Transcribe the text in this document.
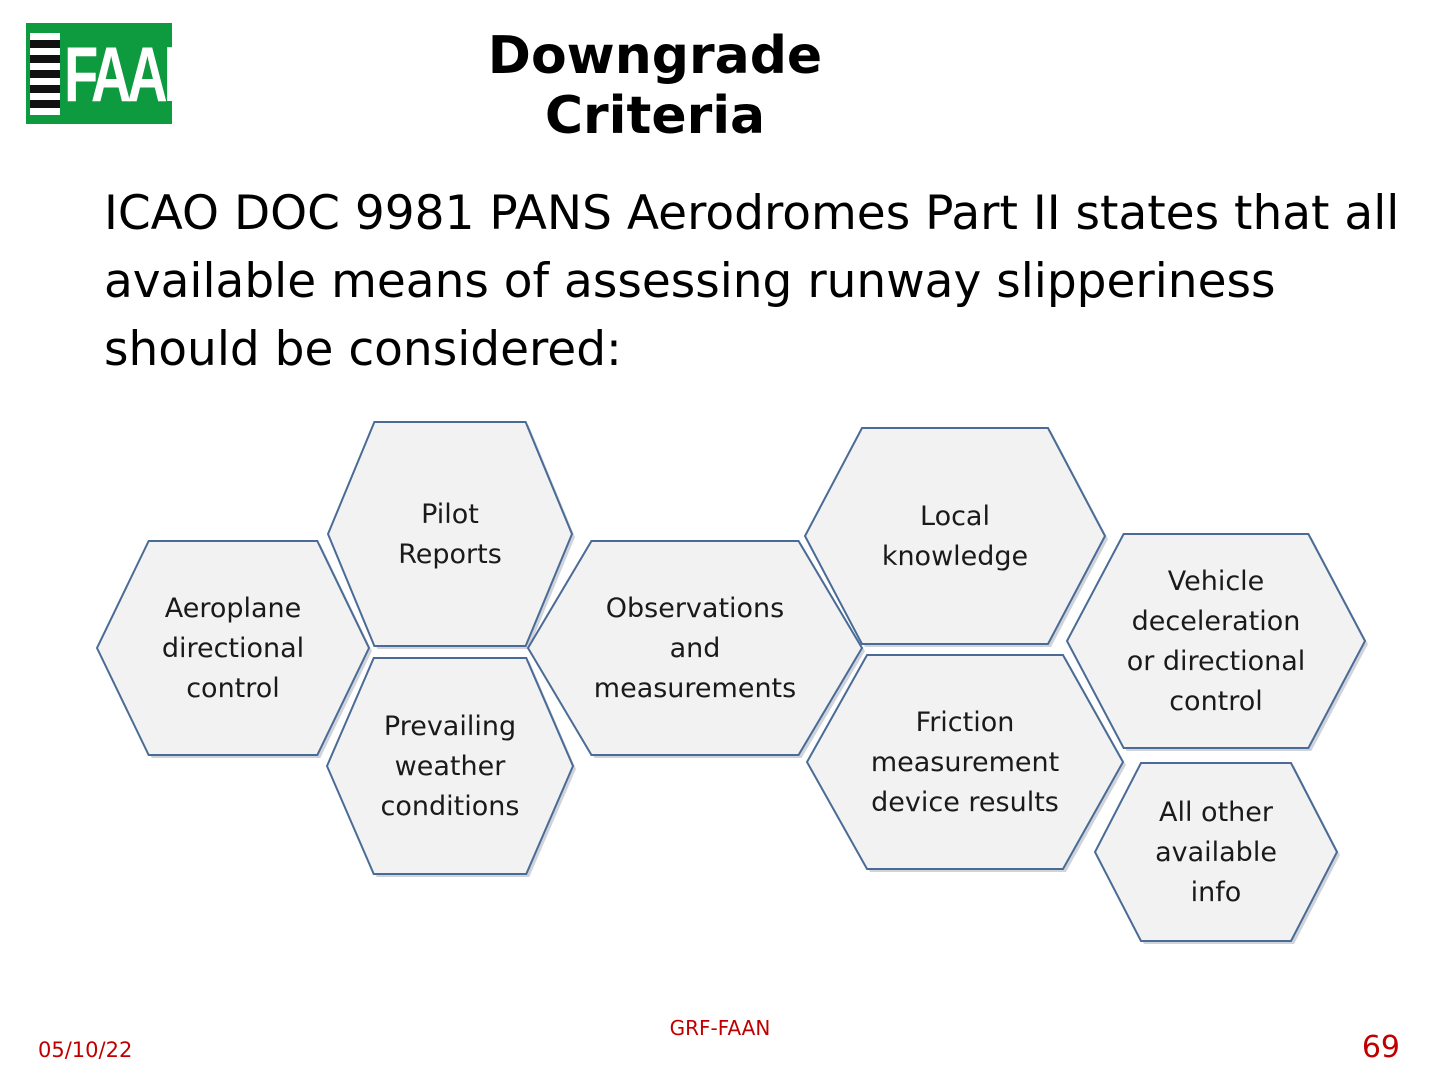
FAAN	Downgrade Criteria

ICAO DOC 9981 PANS Aerodromes Part II states that all
available means of assessing runway slipperiness
should be considered:

Aeroplane
directional
control
Pilot
Reports
Prevailing
weather
conditions
Observations
and
measurements
Local
knowledge
Friction
measurement
device results
Vehicle
deceleration
or directional
control
All other
available
info
05/10/22
GRF-FAAN
69
